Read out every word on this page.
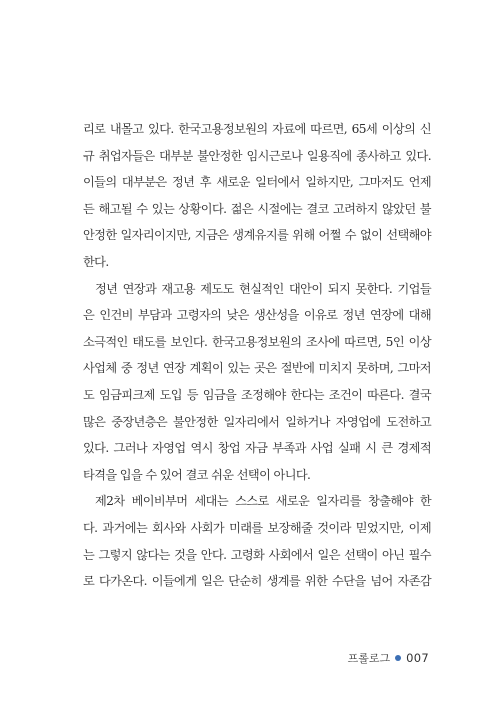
리로 내몰고 있다. 한국고용정보원의 자료에 따르면, 65세 이상의 신
규 취업자들은 대부분 불안정한 임시근로나 일용직에 종사하고 있다.
이들의 대부분은 정년 후 새로운 일터에서 일하지만, 그마저도 언제
든 해고될 수 있는 상황이다. 젊은 시절에는 결코 고려하지 않았던 불
안정한 일자리이지만, 지금은 생계유지를 위해 어쩔 수 없이 선택해야
한다.
정년 연장과 재고용 제도도 현실적인 대안이 되지 못한다. 기업들
은 인건비 부담과 고령자의 낮은 생산성을 이유로 정년 연장에 대해
소극적인 태도를 보인다. 한국고용정보원의 조사에 따르면, 5인 이상
사업체 중 정년 연장 계획이 있는 곳은 절반에 미치지 못하며, 그마저
도 임금피크제 도입 등 임금을 조정해야 한다는 조건이 따른다. 결국
많은 중장년층은 불안정한 일자리에서 일하거나 자영업에 도전하고
있다. 그러나 자영업 역시 창업 자금 부족과 사업 실패 시 큰 경제적
타격을 입을 수 있어 결코 쉬운 선택이 아니다.
제2차 베이비부머 세대는 스스로 새로운 일자리를 창출해야 한
다. 과거에는 회사와 사회가 미래를 보장해줄 것이라 믿었지만, 이제
는 그렇지 않다는 것을 안다. 고령화 사회에서 일은 선택이 아닌 필수
로 다가온다. 이들에게 일은 단순히 생계를 위한 수단을 넘어 자존감
프롤로그 007
